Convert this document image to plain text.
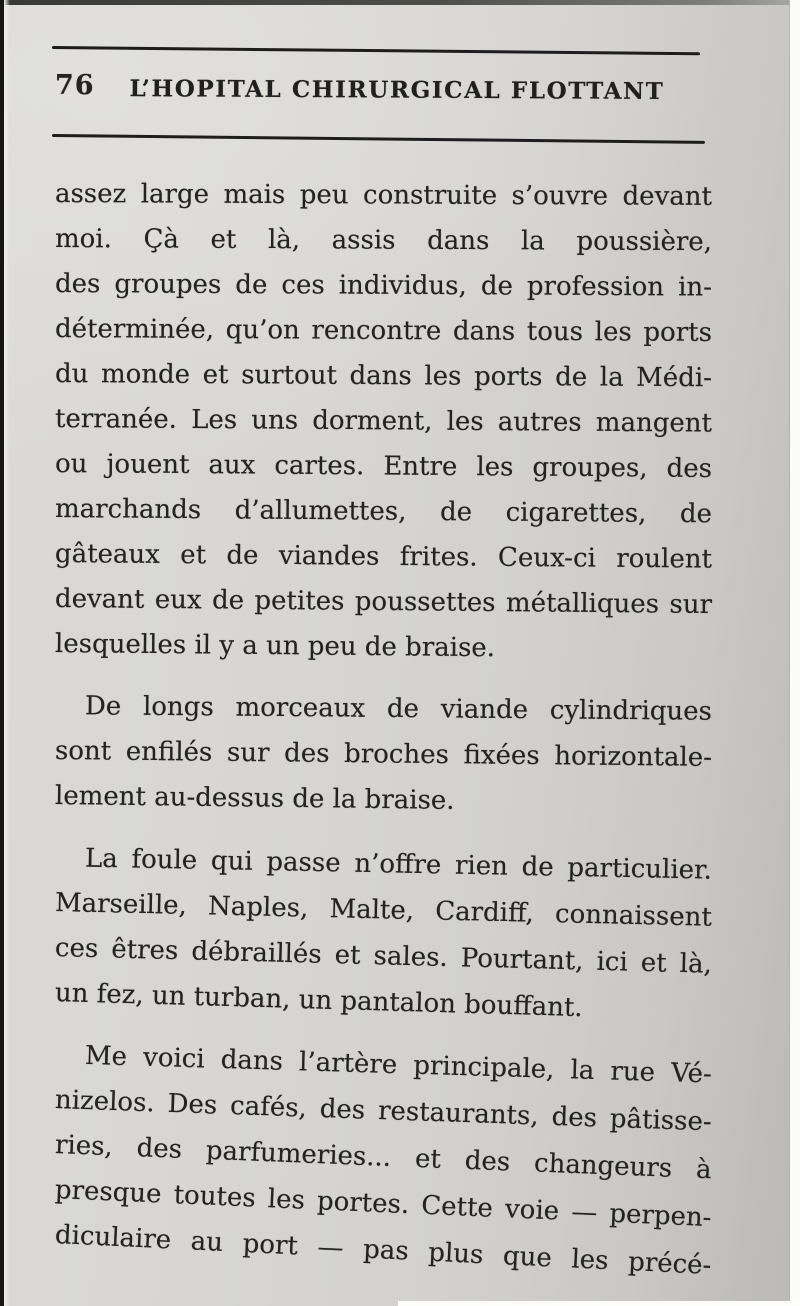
76	L’HOPITAL CHIRURGICAL FLOTTANT
assez large mais peu construite s’ouvre devant
moi. Çà et là, assis dans la poussière,
des groupes de ces individus, de profession in-
déterminée, qu’on rencontre dans tous les ports
du monde et surtout dans les ports de la Médi-
terranée. Les uns dorment, les autres mangent
ou jouent aux cartes. Entre les groupes, des
marchands d’allumettes, de cigarettes, de
gâteaux et de viandes frites. Ceux-ci roulent
devant eux de petites poussettes métalliques sur
lesquelles il y a un peu de braise.
De longs morceaux de viande cylindriques
sont enfilés sur des broches fixées horizontale-
lement au-dessus de la braise.
La foule qui passe n’offre rien de particulier.
Marseille, Naples, Malte, Cardiff, connaissent
ces êtres débraillés et sales. Pourtant, ici et là,
un fez, un turban, un pantalon bouffant.
Me voici dans l’artère principale, la rue Vé-
nizelos. Des cafés, des restaurants, des pâtisse-
ries, des parfumeries... et des changeurs à
presque toutes les portes. Cette voie — perpen-
diculaire au port — pas plus que les précé-
